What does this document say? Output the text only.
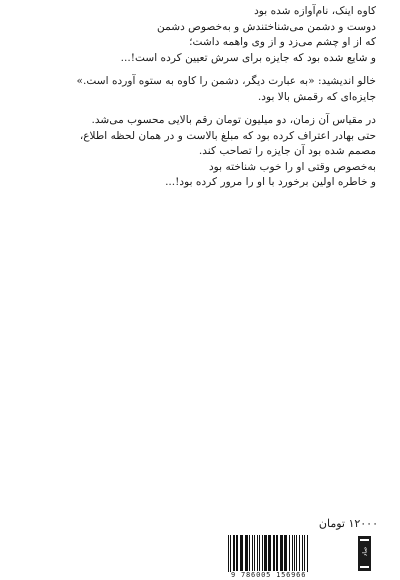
کاوه اینک، نام‌آوازه شده بود
دوست و دشمن می‌شناختندش و به‌خصوص دشمن
که از او چشم می‌زد و از وی واهمه داشت؛
و شایع شده بود که جایزه برای سرش تعیین کرده است!...
خالو اندیشید: «به عبارت دیگر، دشمن را کاوه به ستوه آورده است.»
جایزه‌ای که رقمش بالا بود.
در مقیاس آن زمان، دو میلیون تومان رقم بالایی محسوب می‌شد.
حتی بهادر اعتراف کرده بود که مبلغ بالاست و در همان لحظه اطلاع،
مصمم شده بود آن جایزه را تصاحب کند.
به‌خصوص وقتی او را خوب شناخته بود
و خاطره اولین برخورد با او را مرور کرده بود!...
۱۲۰۰۰ تومان
صاد
9 786005 156966
